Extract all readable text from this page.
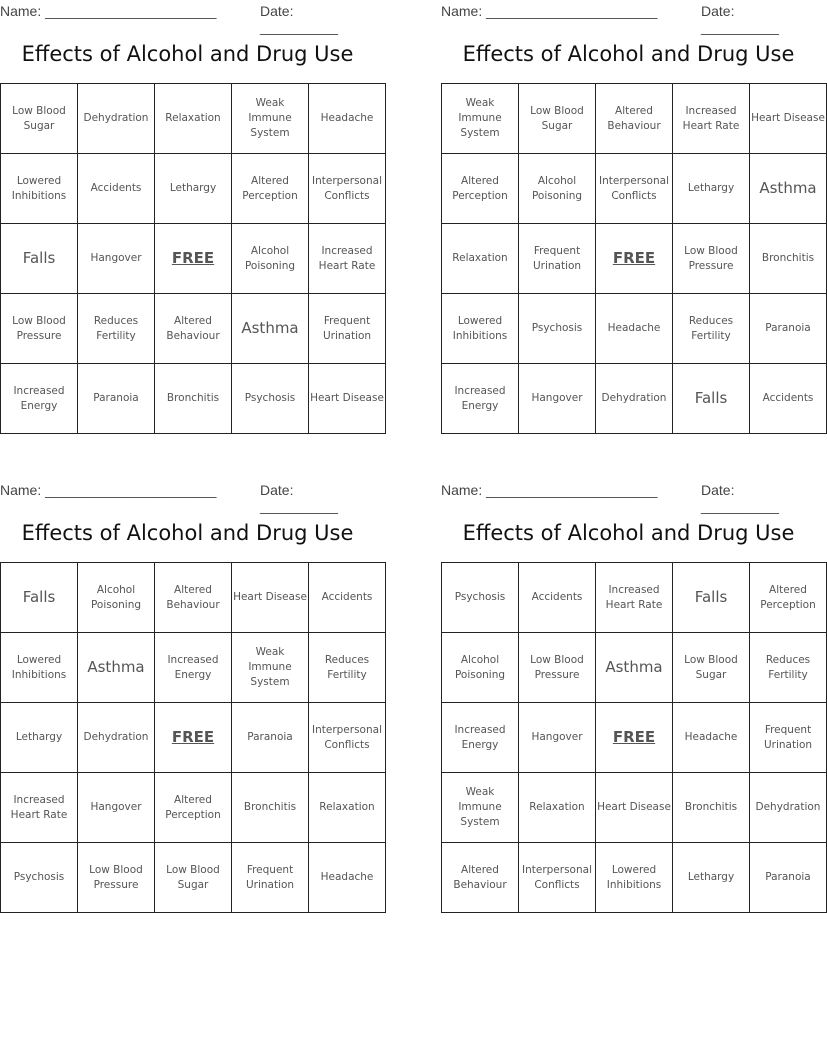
Name: ______________________	Date: __________
Effects of Alcohol and Drug Use
Low Blood Sugar	Dehydration	Relaxation	Weak Immune System	Headache
Lowered Inhibitions	Accidents	Lethargy	Altered Perception	Interpersonal Conflicts
Falls	Hangover	FREE	Alcohol Poisoning	Increased Heart Rate
Low Blood Pressure	Reduces Fertility	Altered Behaviour	Asthma	Frequent Urination
Increased Energy	Paranoia	Bronchitis	Psychosis	Heart Disease
Name: ______________________	Date: __________
Effects of Alcohol and Drug Use
Weak Immune System	Low Blood Sugar	Altered Behaviour	Increased Heart Rate	Heart Disease
Altered Perception	Alcohol Poisoning	Interpersonal Conflicts	Lethargy	Asthma
Relaxation	Frequent Urination	FREE	Low Blood Pressure	Bronchitis
Lowered Inhibitions	Psychosis	Headache	Reduces Fertility	Paranoia
Increased Energy	Hangover	Dehydration	Falls	Accidents
Name: ______________________	Date: __________
Effects of Alcohol and Drug Use
Falls	Alcohol Poisoning	Altered Behaviour	Heart Disease	Accidents
Lowered Inhibitions	Asthma	Increased Energy	Weak Immune System	Reduces Fertility
Lethargy	Dehydration	FREE	Paranoia	Interpersonal Conflicts
Increased Heart Rate	Hangover	Altered Perception	Bronchitis	Relaxation
Psychosis	Low Blood Pressure	Low Blood Sugar	Frequent Urination	Headache
Name: ______________________	Date: __________
Effects of Alcohol and Drug Use
Psychosis	Accidents	Increased Heart Rate	Falls	Altered Perception
Alcohol Poisoning	Low Blood Pressure	Asthma	Low Blood Sugar	Reduces Fertility
Increased Energy	Hangover	FREE	Headache	Frequent Urination
Weak Immune System	Relaxation	Heart Disease	Bronchitis	Dehydration
Altered Behaviour	Interpersonal Conflicts	Lowered Inhibitions	Lethargy	Paranoia
